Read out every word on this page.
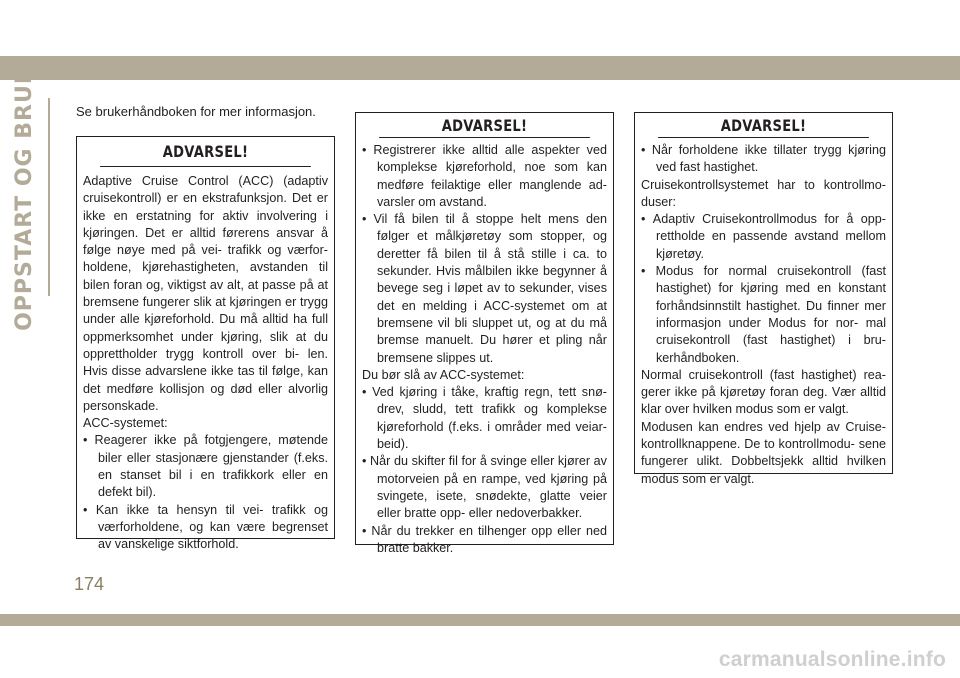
OPPSTART OG BRUK	Se brukerhåndboken for mer informasjon.
ADVARSEL!

Adaptive Cruise Control (ACC) (adaptiv cruisekontroll) er en ekstrafunksjon. Det er ikke en erstatning for aktiv involvering i kjøringen. Det er alltid førerens ansvar å følge nøye med på vei- trafikk og værfor- holdene, kjørehastigheten, avstanden til bilen foran og, viktigst av alt, at passe på at bremsene fungerer slik at kjøringen er trygg under alle kjøreforhold. Du må alltid ha full oppmerksomhet under kjøring, slik at du opprettholder trygg kontroll over bi- len. Hvis disse advarslene ikke tas til følge, kan det medføre kollisjon og død eller alvorlig personskade.

ACC-systemet:

• Reagerer ikke på fotgjengere, møtende biler eller stasjonære gjenstander (f.eks. en stanset bil i en trafikkork eller en defekt bil).
• Kan ikke ta hensyn til vei- trafikk og værforholdene, og kan være begrenset av vanskelige siktforhold.
ADVARSEL!
• Registrerer ikke alltid alle aspekter ved komplekse kjøreforhold, noe som kan medføre feilaktige eller manglende ad- varsler om avstand.
• Vil få bilen til å stoppe helt mens den følger et målkjøretøy som stopper, og deretter få bilen til å stå stille i ca. to sekunder. Hvis målbilen ikke begynner å bevege seg i løpet av to sekunder, vises det en melding i ACC-systemet om at bremsene vil bli sluppet ut, og at du må bremse manuelt. Du hører et pling når bremsene slippes ut.

Du bør slå av ACC-systemet:

• Ved kjøring i tåke, kraftig regn, tett snø- drev, sludd, tett trafikk og komplekse kjøreforhold (f.eks. i områder med veiar- beid).
• Når du skifter fil for å svinge eller kjører av motorveien på en rampe, ved kjøring på svingete, isete, snødekte, glatte veier eller bratte opp- eller nedoverbakker.
• Når du trekker en tilhenger opp eller ned bratte bakker.
ADVARSEL!
• Når forholdene ikke tillater trygg kjøring ved fast hastighet.

Cruisekontrollsystemet har to kontrollmo- duser:

• Adaptiv Cruisekontrollmodus for å opp- rettholde en passende avstand mellom kjøretøy.
• Modus for normal cruisekontroll (fast hastighet) for kjøring med en konstant forhåndsinnstilt hastighet. Du finner mer informasjon under Modus for nor- mal cruisekontroll (fast hastighet) i bru- kerhåndboken.

Normal cruisekontroll (fast hastighet) rea- gerer ikke på kjøretøy foran deg. Vær alltid klar over hvilken modus som er valgt.

Modusen kan endres ved hjelp av Cruise- kontrollknappene. De to kontrollmodu- sene fungerer ulikt. Dobbeltsjekk alltid hvilken modus som er valgt.

174
carmanualsonline.info
